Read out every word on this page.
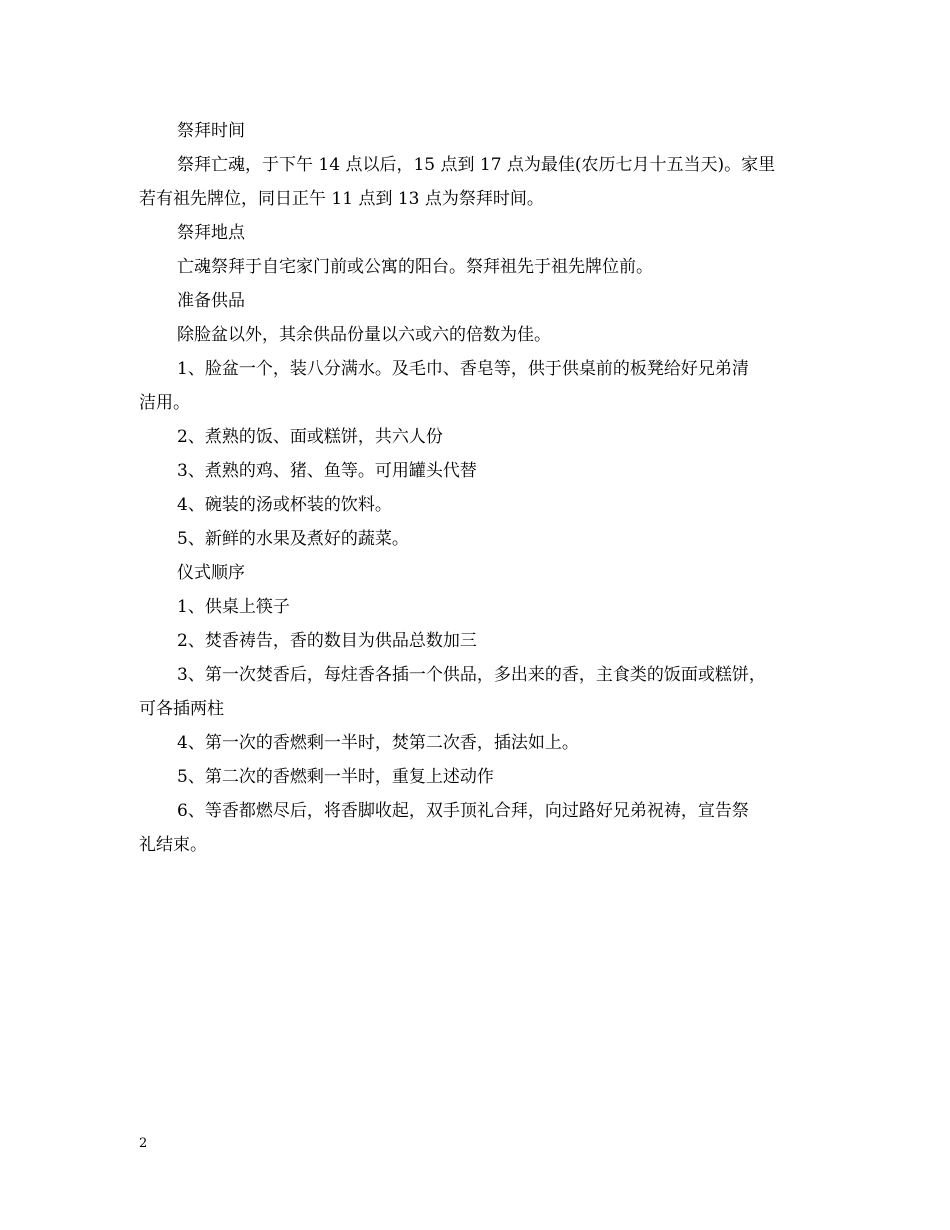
祭拜时间
祭拜亡魂，于下午 14 点以后，15 点到 17 点为最佳(农历七月十五当天)。家里
若有祖先牌位，同日正午 11 点到 13 点为祭拜时间。
祭拜地点
亡魂祭拜于自宅家门前或公寓的阳台。祭拜祖先于祖先牌位前。
准备供品
除脸盆以外，其余供品份量以六或六的倍数为佳。
1、脸盆一个，装八分满水。及毛巾、香皂等，供于供桌前的板凳给好兄弟清
洁用。
2、煮熟的饭、面或糕饼，共六人份
3、煮熟的鸡、猪、鱼等。可用罐头代替
4、碗装的汤或杯装的饮料。
5、新鲜的水果及煮好的蔬菜。
仪式顺序
1、供桌上筷子
2、焚香祷告，香的数目为供品总数加三
3、第一次焚香后，每炷香各插一个供品，多出来的香，主食类的饭面或糕饼，
可各插两柱
4、第一次的香燃剩一半时，焚第二次香，插法如上。
5、第二次的香燃剩一半时，重复上述动作
6、等香都燃尽后，将香脚收起，双手顶礼合拜，向过路好兄弟祝祷，宣告祭
礼结束。
2
